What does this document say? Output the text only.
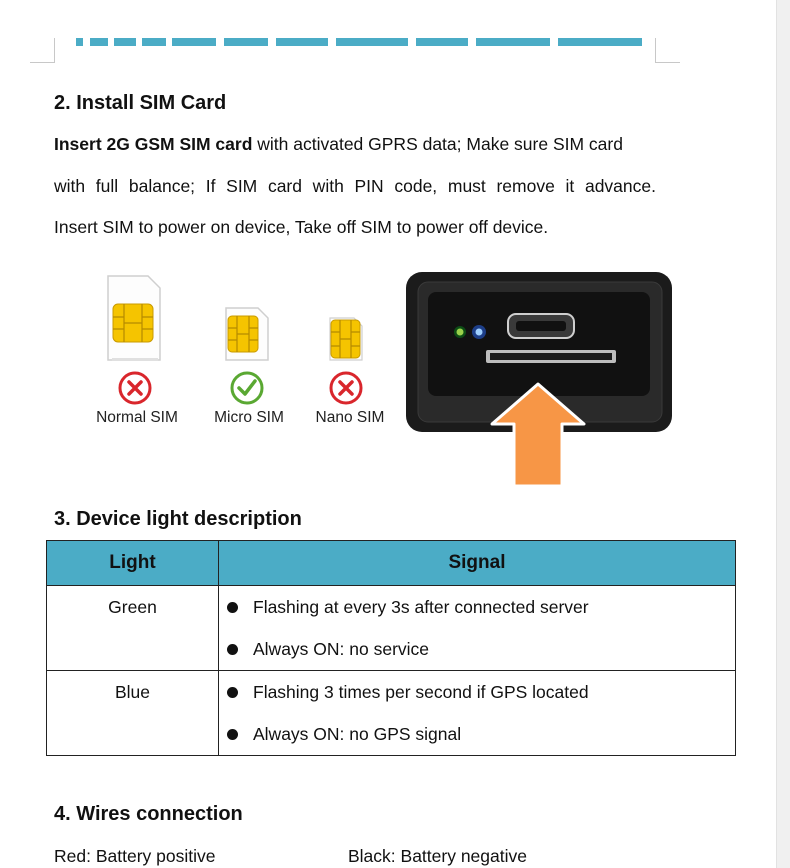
2. Install SIM Card

Insert 2G GSM SIM card with activated GPRS data; Make sure SIM card

with full balance; If SIM card with PIN code, must remove it advance.

Insert SIM to power on device, Take off SIM to power off device.

Normal SIM	Micro SIM	Nano SIM
3. Device light description
Light	Signal
Green	Flashing at every 3s after connected server
Always ON: no service

Blue	Flashing 3 times per second if GPS located
Always ON: no GPS signal
4. Wires connection
Red: Battery positive	Black: Battery negative
